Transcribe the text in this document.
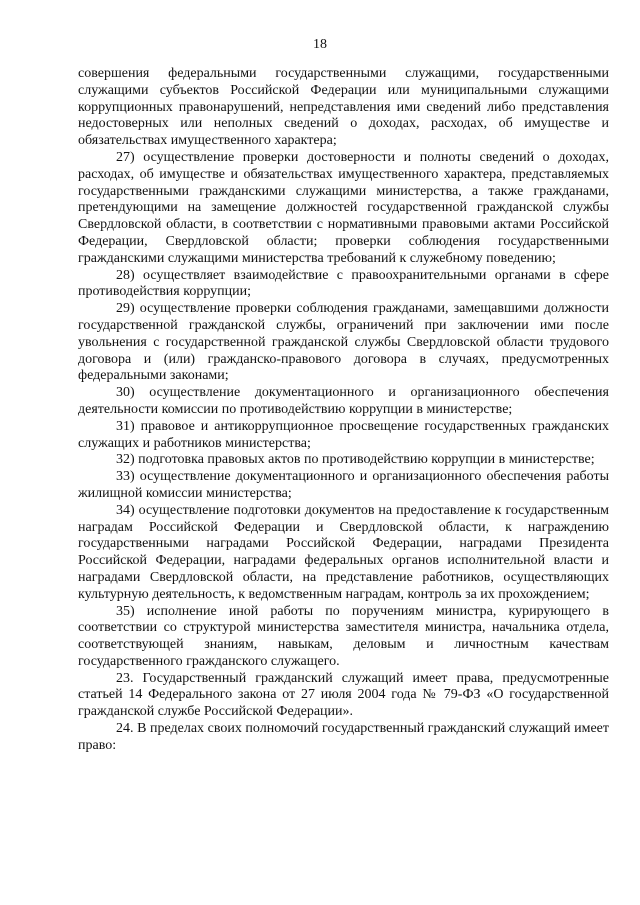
18

совершения федеральными государственными служащими, государственными служащими субъектов Российской Федерации или муниципальными служащими коррупционных правонарушений, непредставления ими сведений либо представления недостоверных или неполных сведений о доходах, расходах, об имуществе и обязательствах имущественного характера;

27) осуществление проверки достоверности и полноты сведений о доходах, расходах, об имуществе и обязательствах имущественного характера, представляемых государственными гражданскими служащими министерства, а также гражданами, претендующими на замещение должностей государственной гражданской службы Свердловской области, в соответствии с нормативными правовыми актами Российской Федерации, Свердловской области; проверки соблюдения государственными гражданскими служащими министерства требований к служебному поведению;

28) осуществляет взаимодействие с правоохранительными органами в сфере противодействия коррупции;

29) осуществление проверки соблюдения гражданами, замещавшими должности государственной гражданской службы, ограничений при заключении ими после увольнения с государственной гражданской службы Свердловской области трудового договора и (или) гражданско-правового договора в случаях, предусмотренных федеральными законами;

30) осуществление документационного и организационного обеспечения деятельности комиссии по противодействию коррупции в министерстве;

31) правовое и антикоррупционное просвещение государственных гражданских служащих и работников министерства;

32) подготовка правовых актов по противодействию коррупции в министерстве;

33) осуществление документационного и организационного обеспечения работы жилищной комиссии министерства;

34) осуществление подготовки документов на предоставление к государственным наградам Российской Федерации и Свердловской области, к награждению государственными наградами Российской Федерации, наградами Президента Российской Федерации, наградами федеральных органов исполнительной власти и наградами Свердловской области, на представление работников, осуществляющих культурную деятельность, к ведомственным наградам, контроль за их прохождением;

35) исполнение иной работы по поручениям министра, курирующего в соответствии со структурой министерства заместителя министра, начальника отдела, соответствующей знаниям, навыкам, деловым и личностным качествам государственного гражданского служащего.

23. Государственный гражданский служащий имеет права, предусмотренные статьей 14 Федерального закона от 27 июля 2004 года № 79-ФЗ «О государственной гражданской службе Российской Федерации».

24. В пределах своих полномочий государственный гражданский служащий имеет право:
